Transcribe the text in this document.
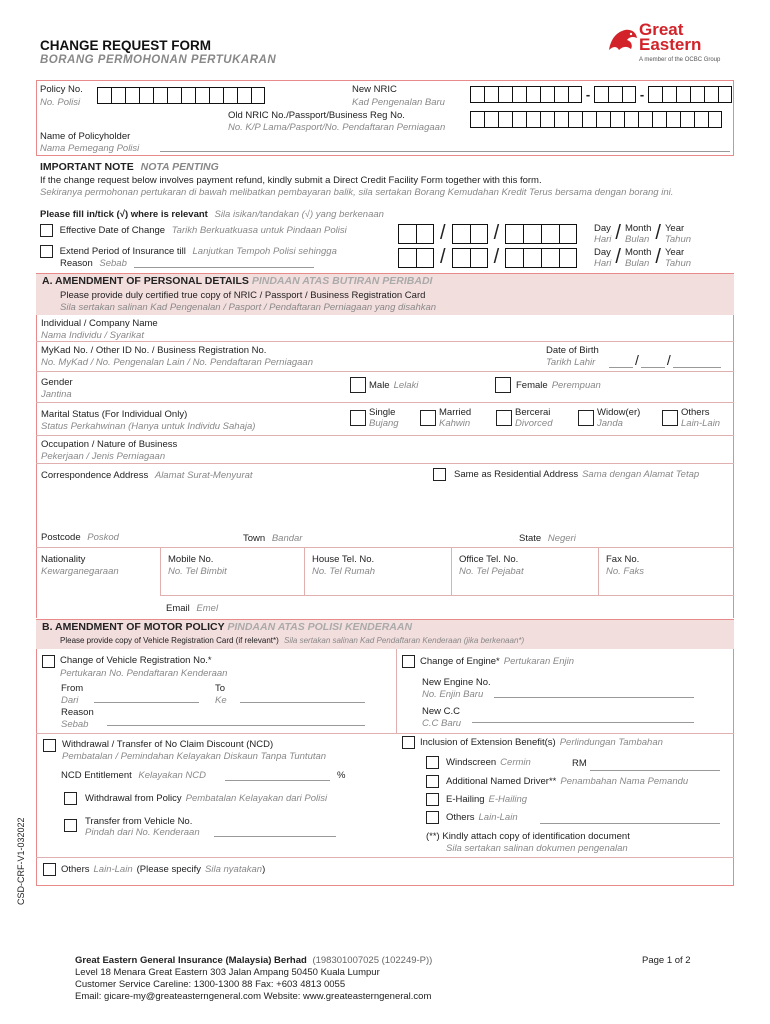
CHANGE REQUEST FORM
BORANG PERMOHONAN PERTUKARAN
Great
Eastern
A member of the OCBC Group
Policy No.
No. Polisi
New NRIC
Kad Pengenalan Baru
-	-
Old NRIC No./Passport/Business Reg No.
No. K/P Lama/Pasport/No. Pendaftaran Perniagaan
Name of Policyholder
Nama Pemegang Polisi
IMPORTANT NOTE NOTA PENTING
If the change request below involves payment refund, kindly submit a Direct Credit Facility Form together with this form.
Sekiranya permohonan pertukaran di bawah melibatkan pembayaran balik, sila sertakan Borang Kemudahan Kredit Terus bersama dengan borang ini.
Please fill in/tick (√) where is relevant Sila isikan/tandakan (√) yang berkenaan
Effective Date of Change Tarikh Berkuatkuasa untuk Pindaan Polisi
Extend Period of Insurance till Lanjutkan Tempoh Polisi sehingga
Reason Sebab
/ /
/ /
Day
Hari / Month
Bulan / Year
Tahun
Day
Hari / Month
Bulan / Year
Tahun
A. AMENDMENT OF PERSONAL DETAILS PINDAAN ATAS BUTIRAN PERIBADI
Please provide duly certified true copy of NRIC / Passport / Business Registration Card
Sila sertakan salinan Kad Pengenalan / Pasport / Pendaftaran Perniagaan yang disahkan
Individual / Company Name
Nama Individu / Syarikat
MyKad No. / Other ID No. / Business Registration No.
No. MyKad / No. Pengenalan Lain / No. Pendaftaran Perniagaan
Date of Birth
Tarikh Lahir	/ /
Gender
Jantina
Male Lelaki	Female Perempuan
Marital Status (For Individual Only)
Status Perkahwinan (Hanya untuk Individu Sahaja)
Single
Bujang
Married
Kahwin
Bercerai
Divorced
Widow(er)
Janda
Others
Lain-Lain
Occupation / Nature of Business
Pekerjaan / Jenis Perniagaan
Correspondence Address Alamat Surat-Menyurat	Same as Residential Address Sama dengan Alamat Tetap
Postcode Poskod	Town Bandar	State Negeri
Nationality
Kewarganegaraan
Mobile No.
No. Tel Bimbit
House Tel. No.
No. Tel Rumah
Office Tel. No.
No. Tel Pejabat
Fax No.
No. Faks
Email Emel
B. AMENDMENT OF MOTOR POLICY PINDAAN ATAS POLISI KENDERAAN
Please provide copy of Vehicle Registration Card (if relevant*) Sila sertakan salinan Kad Pendaftaran Kenderaan (jika berkenaan*)
Change of Vehicle Registration No.*
Pertukaran No. Pendaftaran Kenderaan
From
Dari
To
Ke
Reason
Sebab
Change of Engine* Pertukaran Enjin
New Engine No.
No. Enjin Baru
New C.C
C.C Baru
Withdrawal / Transfer of No Claim Discount (NCD)
Pembatalan / Pemindahan Kelayakan Diskaun Tanpa Tuntutan
NCD Entitlement Kelayakan NCD	%
Withdrawal from Policy Pembatalan Kelayakan dari Polisi
Transfer from Vehicle No.
Pindah dari No. Kenderaan
Inclusion of Extension Benefit(s) Perlindungan Tambahan
Windscreen Cermin	RM
Additional Named Driver** Penambahan Nama Pemandu
E-Hailing E-Hailing
Others Lain-Lain
(**) Kindly attach copy of identification document
Sila sertakan salinan dokumen pengenalan
Others Lain-Lain (Please specify Sila nyatakan )
CSD-CRF-V1-032022
Great Eastern General Insurance (Malaysia) Berhad (198301007025 (102249-P))
Level 18 Menara Great Eastern 303 Jalan Ampang 50450 Kuala Lumpur
Customer Service Careline: 1300-1300 88 Fax: +603 4813 0055
Email: gicare-my@greateasterngeneral.com Website: www.greateasterngeneral.com
Page 1 of 2
